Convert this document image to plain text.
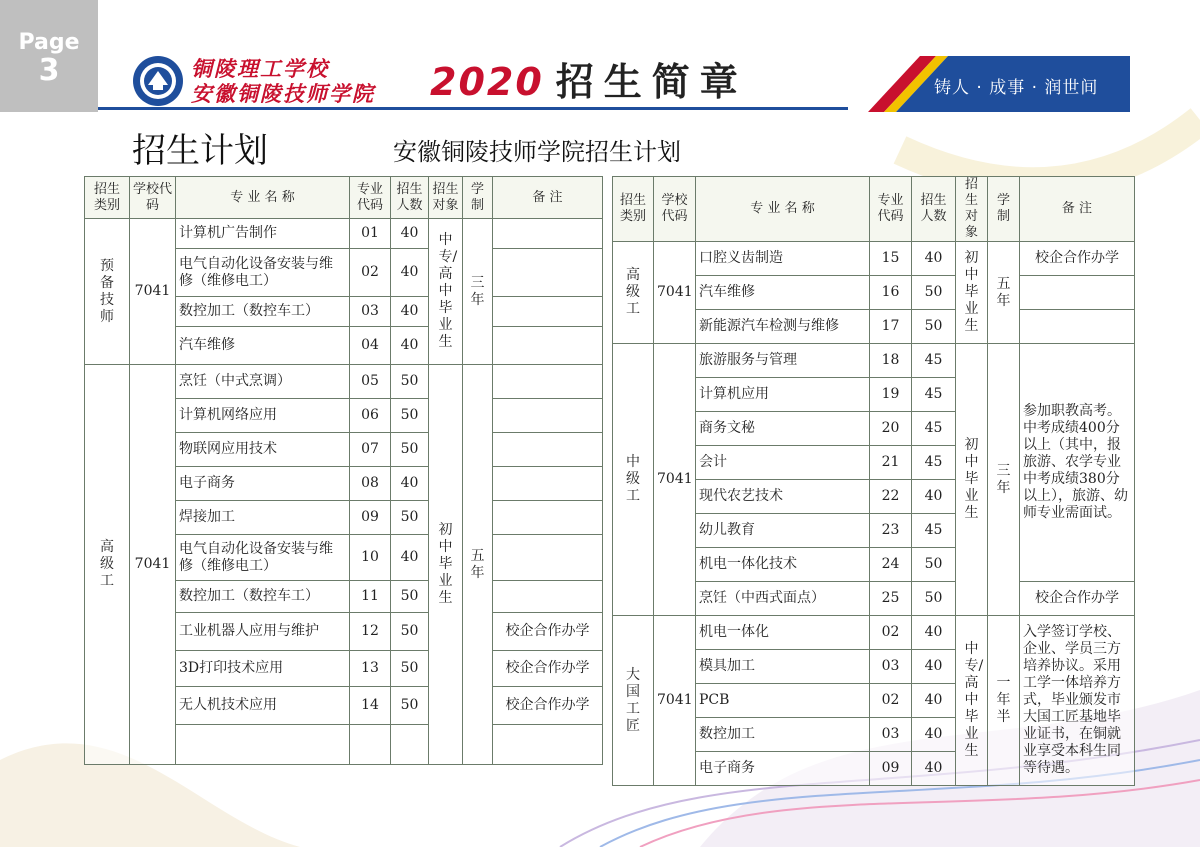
Page
3	铜陵理工学校
安徽铜陵技师学院	2020 招生简章	铸人 · 成事 · 润世间
招生计划	安徽铜陵技师学院招生计划
招生类别	学校代码	专 业 名 称	专业代码	招生人数	招生对象	学制	备 注
预备技师	7041	计算机广告制作	01	40	中专/高中毕业生	三年	
		电气自动化设备安装与维修（维修电工）	02	40			
		数控加工（数控车工）	03	40			
		汽车维修	04	40			
高级工	7041	烹饪（中式烹调）	05	50	初中毕业生	五年	
		计算机网络应用	06	50			
		物联网应用技术	07	50			
		电子商务	08	40			
		焊接加工	09	50			
		电气自动化设备安装与维修（维修电工）	10	40			
		数控加工（数控车工）	11	50			
		工业机器人应用与维护	12	50			校企合作办学
		3D打印技术应用	13	50			校企合作办学
		无人机技术应用	14	50			校企合作办学

招生类别	学校代码	专 业 名 称	专业代码	招生人数	招生对象	学制	备 注
高级工	7041	口腔义齿制造	15	40	初中毕业生	五年	校企合作办学
		汽车维修	16	50			
		新能源汽车检测与维修	17	50			
中级工	7041	旅游服务与管理	18	45	初中毕业生	三年	参加职教高考。中考成绩400分以上（其中，报旅游、农学专业中考成绩380分以上），旅游、幼师专业需面试。
		计算机应用	19	45			
		商务文秘	20	45			
		会计	21	45			
		现代农艺技术	22	40			
		幼儿教育	23	45			
		机电一体化技术	24	50			
		烹饪（中西式面点）	25	50			校企合作办学
大国工匠	7041	机电一体化	02	40	中专/高中毕业生	一年半	入学签订学校、企业、学员三方培养协议。采用工学一体培养方式，毕业颁发市大国工匠基地毕业证书，在铜就业享受本科生同等待遇。
		模具加工	03	40			
		PCB	02	40			
		数控加工	03	40			
		电子商务	09	40			
